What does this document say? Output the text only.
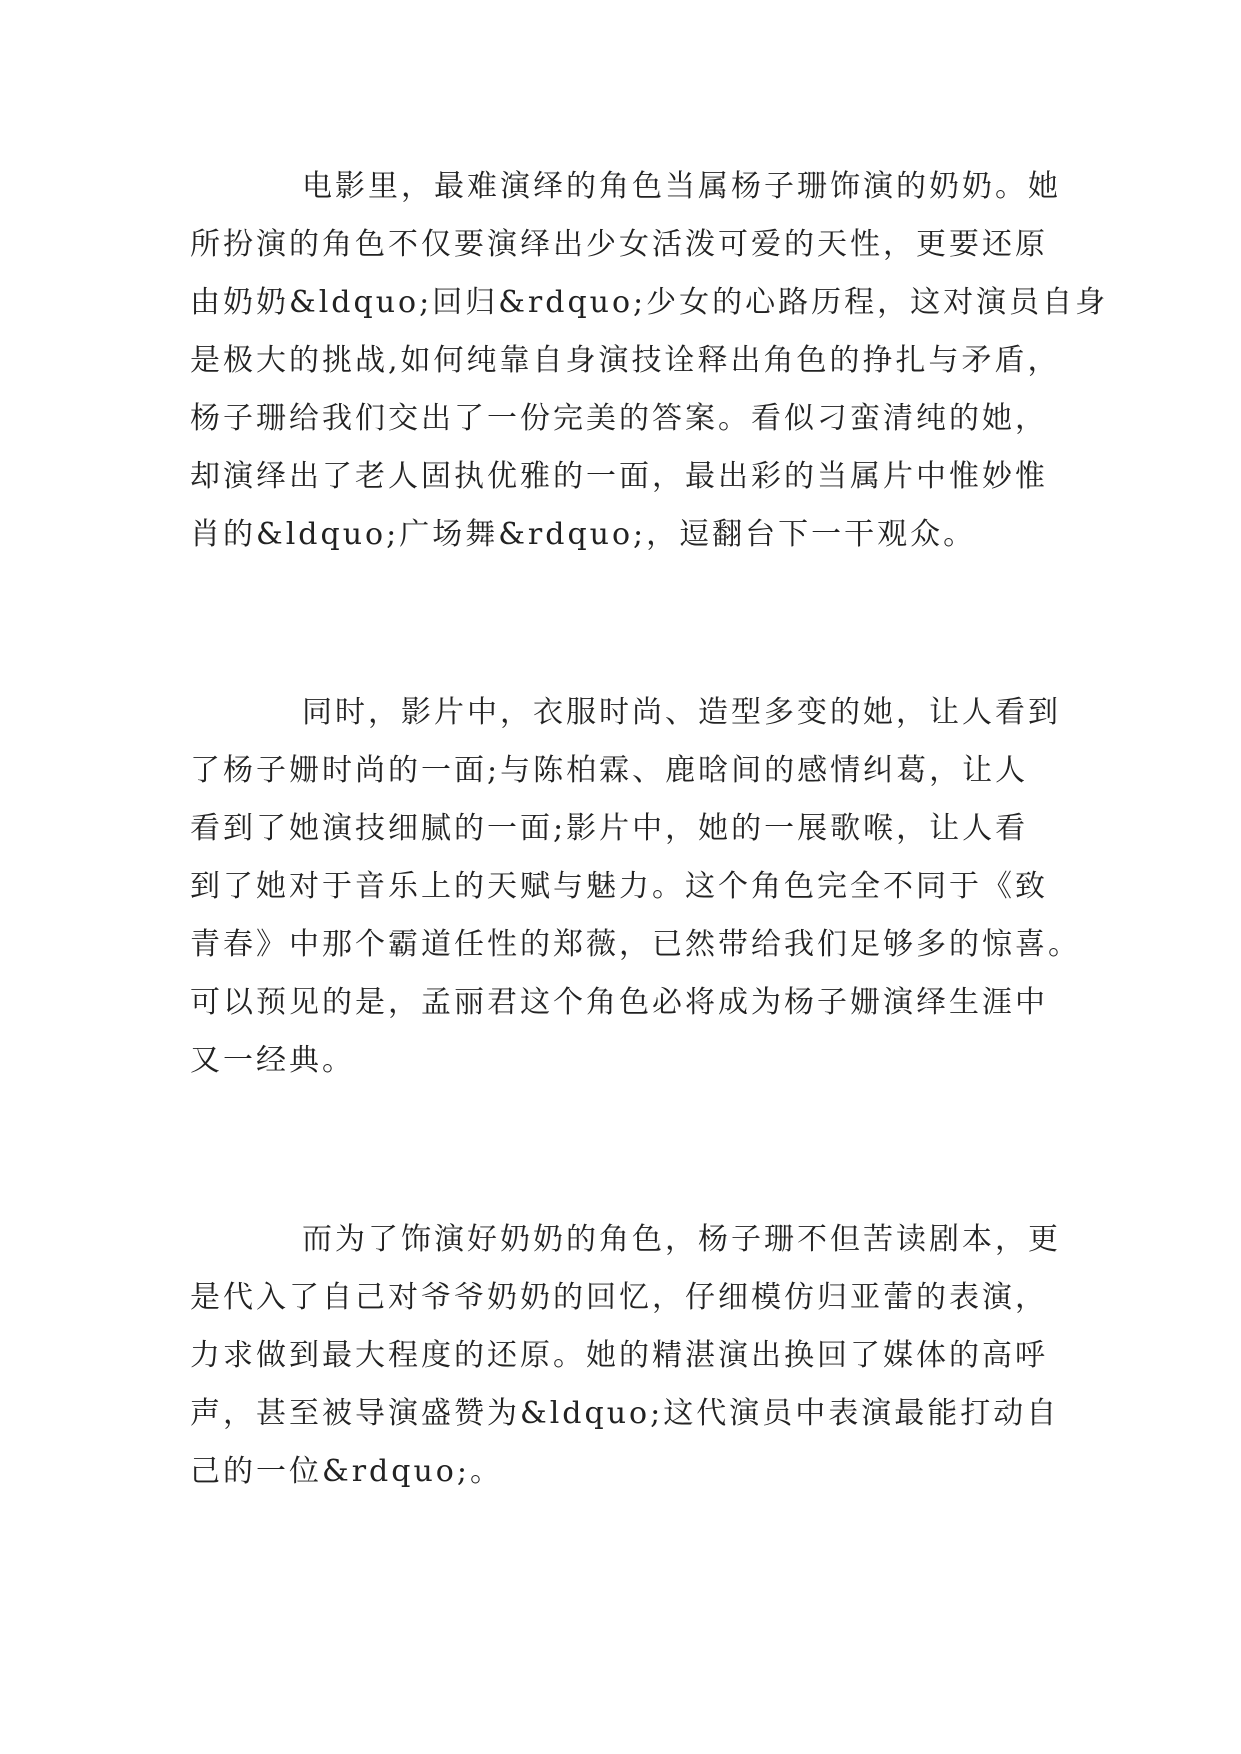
电影里，最难演绎的角色当属杨子珊饰演的奶奶。她
所扮演的角色不仅要演绎出少女活泼可爱的天性，更要还原
由奶奶&ldquo;回归&rdquo;少女的心路历程，这对演员自身
是极大的挑战,如何纯靠自身演技诠释出角色的挣扎与矛盾，
杨子珊给我们交出了一份完美的答案。看似刁蛮清纯的她，
却演绎出了老人固执优雅的一面，最出彩的当属片中惟妙惟
肖的&ldquo;广场舞&rdquo;，逗翻台下一干观众。
同时，影片中，衣服时尚、造型多变的她，让人看到
了杨子姗时尚的一面;与陈柏霖、鹿晗间的感情纠葛，让人
看到了她演技细腻的一面;影片中，她的一展歌喉，让人看
到了她对于音乐上的天赋与魅力。这个角色完全不同于《致
青春》中那个霸道任性的郑薇，已然带给我们足够多的惊喜。
可以预见的是，孟丽君这个角色必将成为杨子姗演绎生涯中
又一经典。
而为了饰演好奶奶的角色，杨子珊不但苦读剧本，更
是代入了自己对爷爷奶奶的回忆，仔细模仿归亚蕾的表演，
力求做到最大程度的还原。她的精湛演出换回了媒体的高呼
声，甚至被导演盛赞为&ldquo;这代演员中表演最能打动自
己的一位&rdquo;。
